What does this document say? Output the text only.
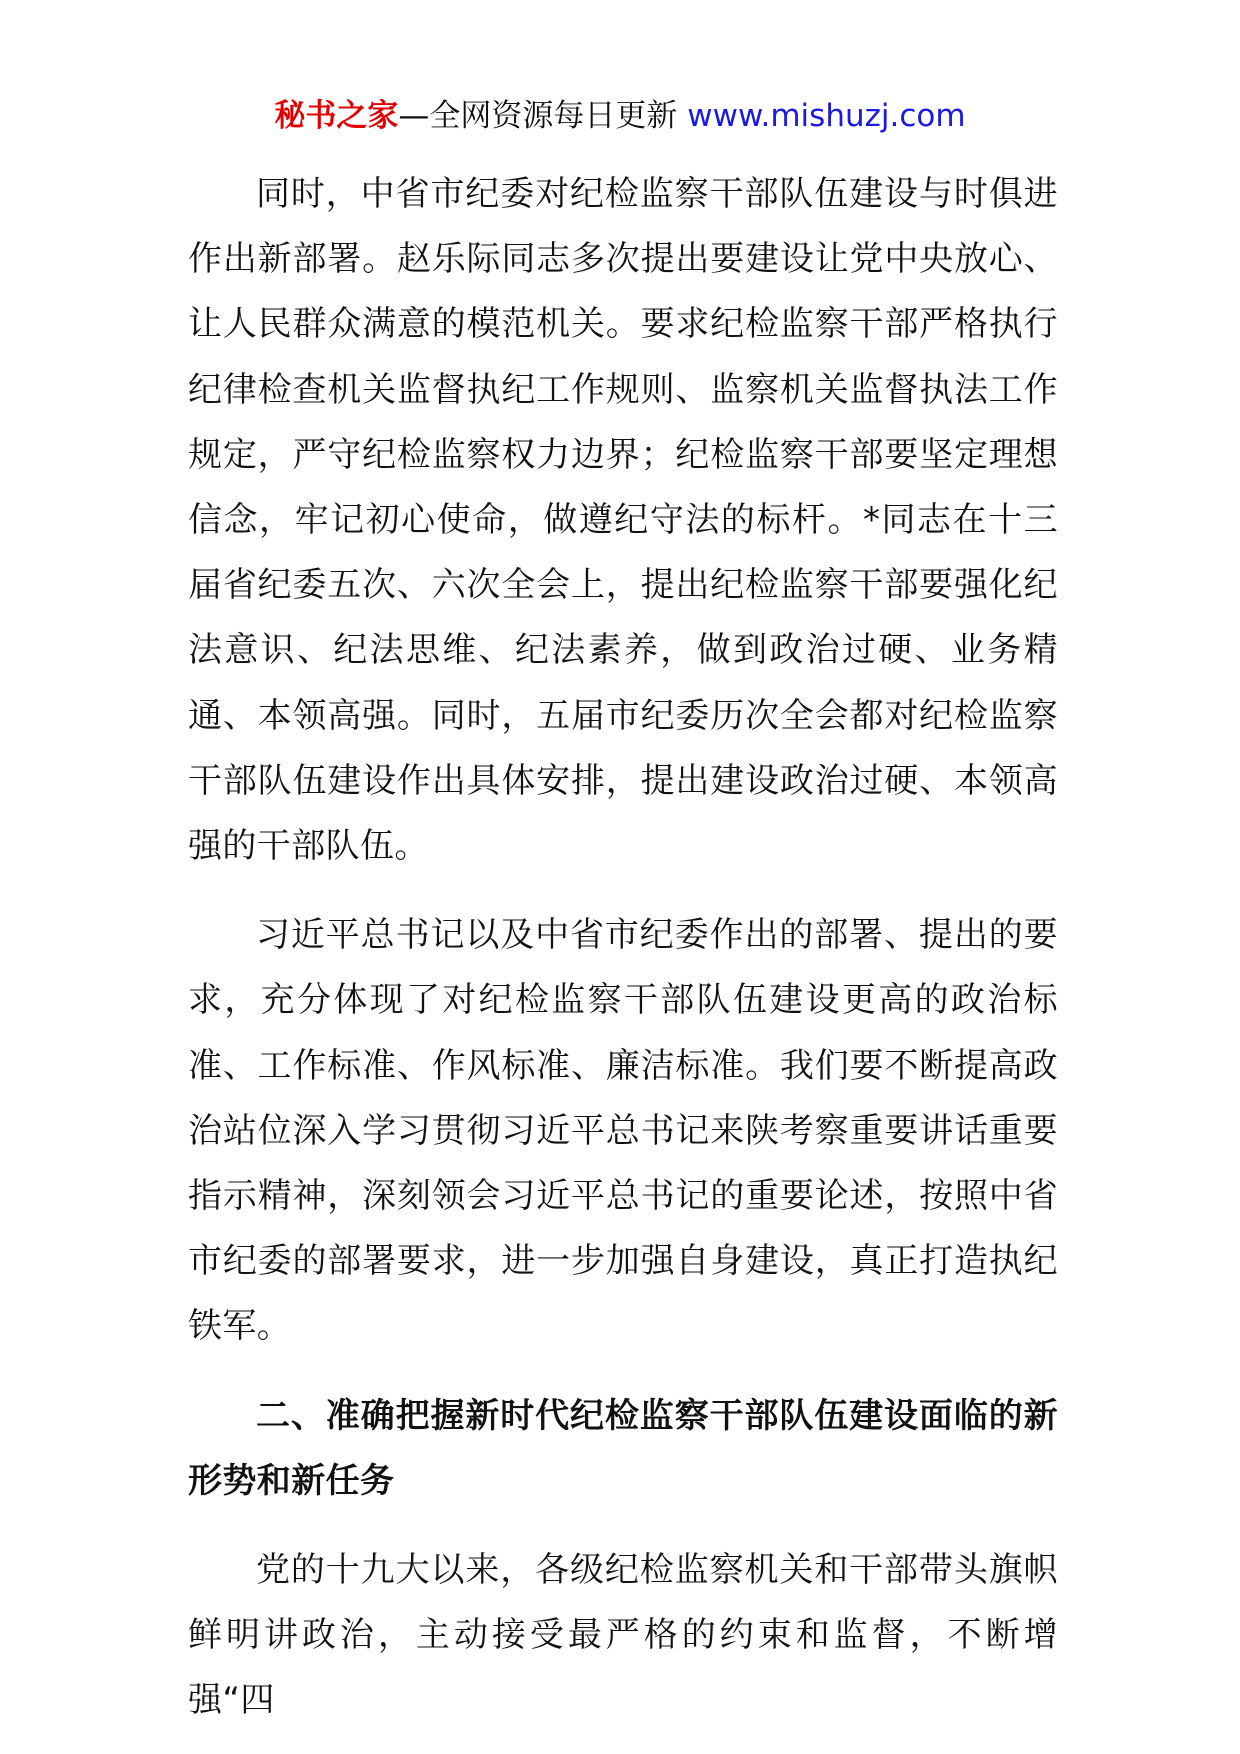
秘书之家—全网资源每日更新 www.mishuzj.com

同时，中省市纪委对纪检监察干部队伍建设与时俱进作出新部署。赵乐际同志多次提出要建设让党中央放心、让人民群众满意的模范机关。要求纪检监察干部严格执行纪律检查机关监督执纪工作规则、监察机关监督执法工作规定，严守纪检监察权力边界；纪检监察干部要坚定理想信念，牢记初心使命，做遵纪守法的标杆。*同志在十三届省纪委五次、六次全会上，提出纪检监察干部要强化纪法意识、纪法思维、纪法素养，做到政治过硬、业务精通、本领高强。同时，五届市纪委历次全会都对纪检监察干部队伍建设作出具体安排，提出建设政治过硬、本领高强的干部队伍。

习近平总书记以及中省市纪委作出的部署、提出的要求，充分体现了对纪检监察干部队伍建设更高的政治标准、工作标准、作风标准、廉洁标准。我们要不断提高政治站位深入学习贯彻习近平总书记来陕考察重要讲话重要指示精神，深刻领会习近平总书记的重要论述，按照中省市纪委的部署要求，进一步加强自身建设，真正打造执纪铁军。

二、准确把握新时代纪检监察干部队伍建设面临的新形势和新任务

党的十九大以来，各级纪检监察机关和干部带头旗帜鲜明讲政治，主动接受最严格的约束和监督，不断增强“四
